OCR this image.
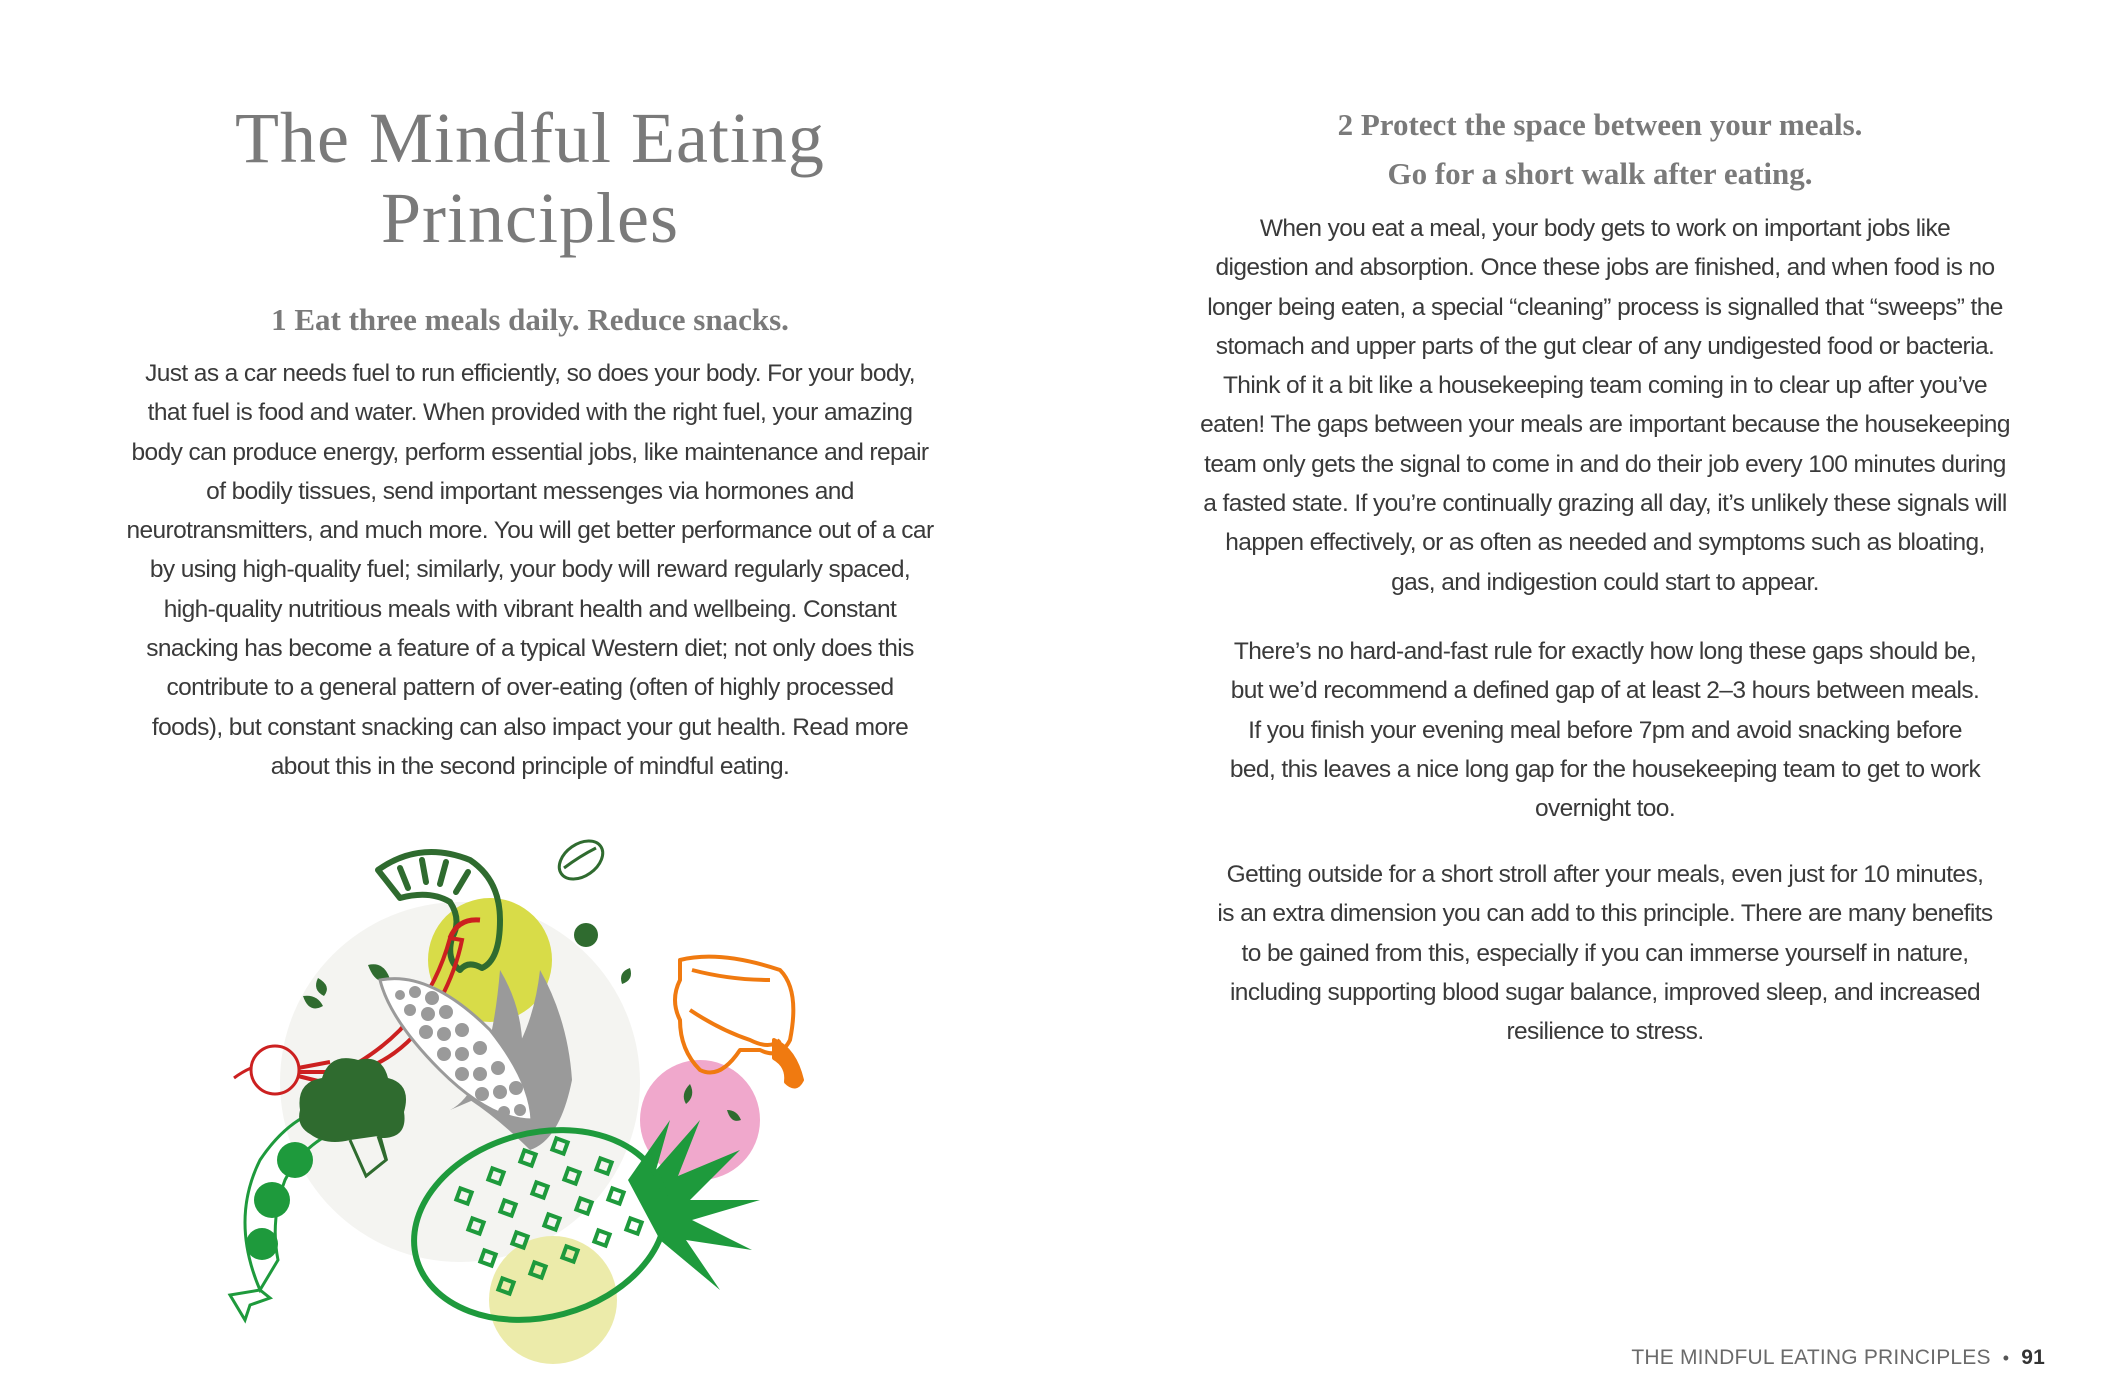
The Mindful Eating
Principles
1 Eat three meals daily. Reduce snacks.

Just as a car needs fuel to run efficiently, so does your body. For your body,
that fuel is food and water. When provided with the right fuel, your amazing
body can produce energy, perform essential jobs, like maintenance and repair
of bodily tissues, send important messenges via hormones and
neurotransmitters, and much more. You will get better performance out of a car
by using high-quality fuel; similarly, your body will reward regularly spaced,
high-quality nutritious meals with vibrant health and wellbeing. Constant
snacking has become a feature of a typical Western diet; not only does this
contribute to a general pattern of over-eating (often of highly processed
foods), but constant snacking can also impact your gut health. Read more
about this in the second principle of mindful eating.

2 Protect the space between your meals.
Go for a short walk after eating.

When you eat a meal, your body gets to work on important jobs like
digestion and absorption. Once these jobs are finished, and when food is no
longer being eaten, a special “cleaning” process is signalled that “sweeps” the
stomach and upper parts of the gut clear of any undigested food or bacteria.
Think of it a bit like a housekeeping team coming in to clear up after you’ve
eaten! The gaps between your meals are important because the housekeeping
team only gets the signal to come in and do their job every 100 minutes during
a fasted state. If you’re continually grazing all day, it’s unlikely these signals will
happen effectively, or as often as needed and symptoms such as bloating,
gas, and indigestion could start to appear.

There’s no hard-and-fast rule for exactly how long these gaps should be,
but we’d recommend a defined gap of at least 2–3 hours between meals.
If you finish your evening meal before 7pm and avoid snacking before
bed, this leaves a nice long gap for the housekeeping team to get to work
overnight too.

Getting outside for a short stroll after your meals, even just for 10 minutes,
is an extra dimension you can add to this principle. There are many benefits
to be gained from this, especially if you can immerse yourself in nature,
including supporting blood sugar balance, improved sleep, and increased
resilience to stress.

THE MINDFUL EATING PRINCIPLES • 91
